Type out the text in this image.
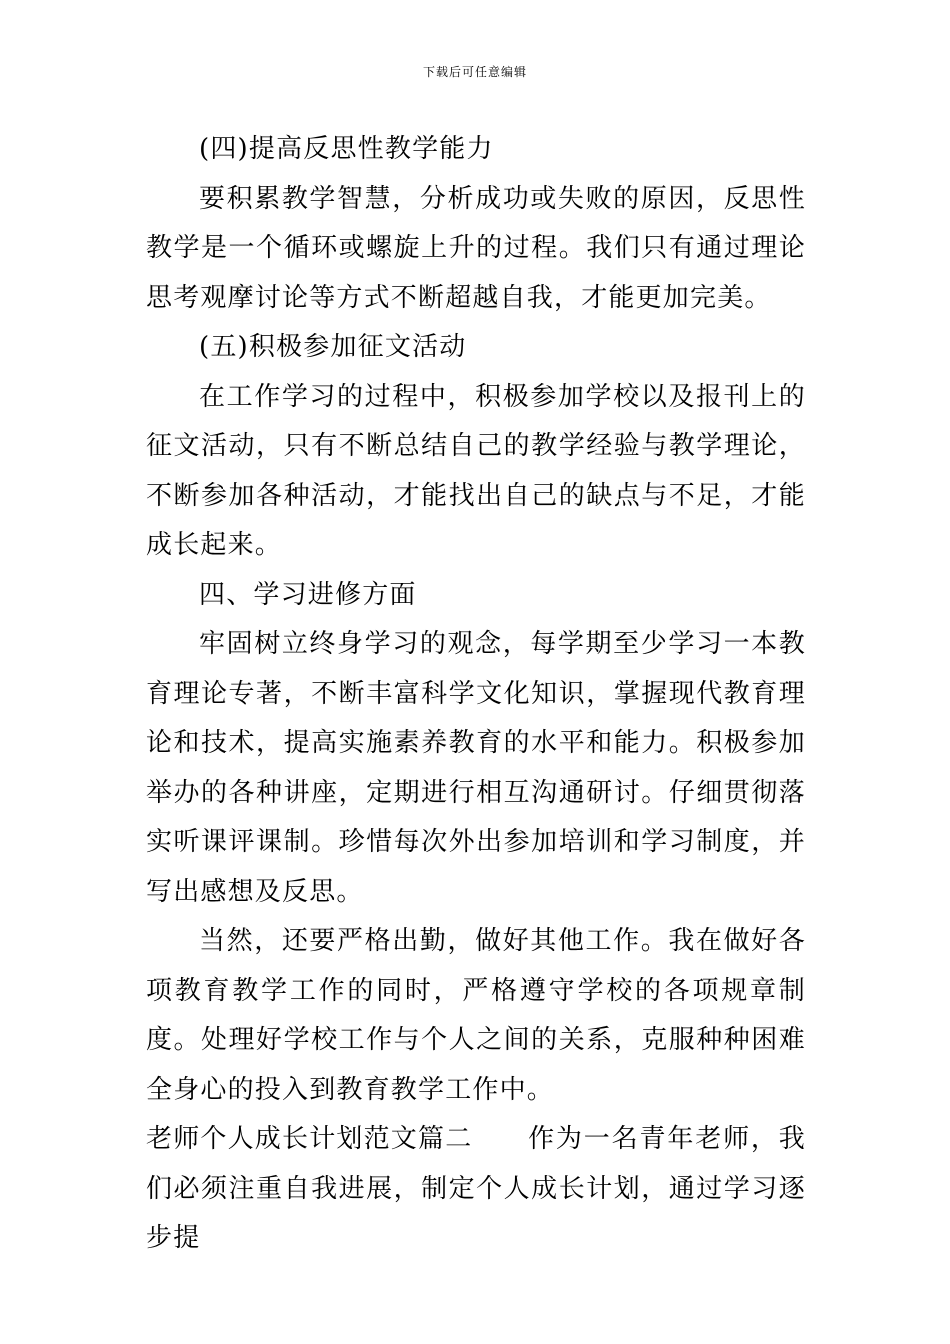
下载后可任意编辑

(四)提高反思性教学能力

要积累教学智慧，分析成功或失败的原因，反思性教学是一个循环或螺旋上升的过程。我们只有通过理论思考观摩讨论等方式不断超越自我，才能更加完美。

(五)积极参加征文活动

在工作学习的过程中，积极参加学校以及报刊上的征文活动，只有不断总结自己的教学经验与教学理论，不断参加各种活动，才能找出自己的缺点与不足，才能成长起来。

四、学习进修方面

牢固树立终身学习的观念，每学期至少学习一本教育理论专著，不断丰富科学文化知识，掌握现代教育理论和技术，提高实施素养教育的水平和能力。积极参加举办的各种讲座，定期进行相互沟通研讨。仔细贯彻落实听课评课制。珍惜每次外出参加培训和学习制度，并写出感想及反思。

当然，还要严格出勤，做好其他工作。我在做好各项教育教学工作的同时，严格遵守学校的各项规章制度。处理好学校工作与个人之间的关系，克服种种困难全身心的投入到教育教学工作中。

老师个人成长计划范文篇二 作为一名青年老师，我们必须注重自我进展，制定个人成长计划，通过学习逐步提
